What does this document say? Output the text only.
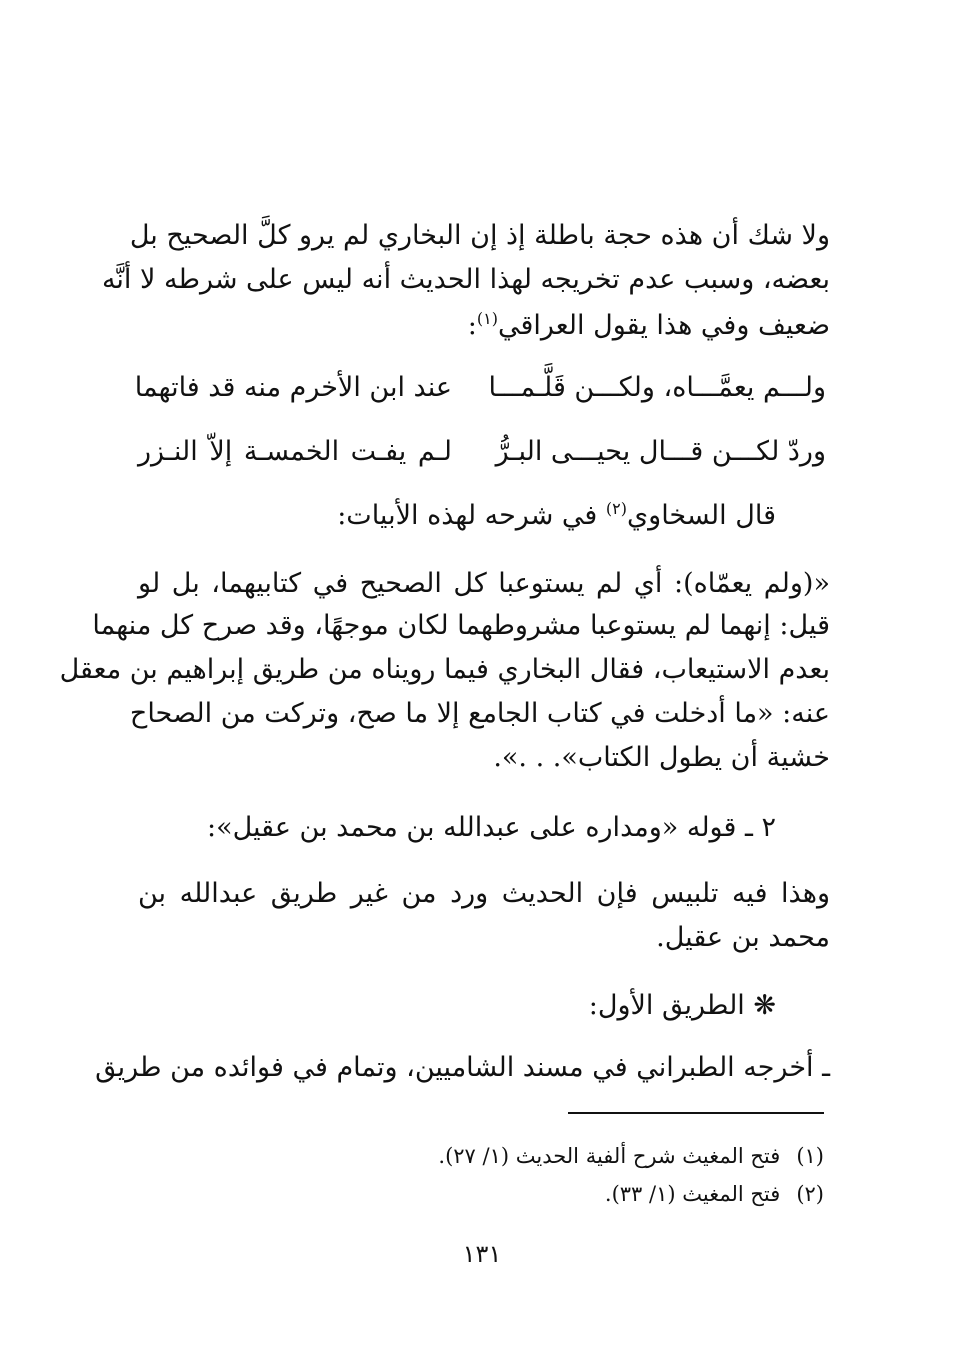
ولا شك أن هذه حجة باطلة إذ إن البخاري لم يرو كلَّ الصحيح بل
بعضه، وسبب عدم تخريجه لهذا الحديث أنه ليس على شرطه لا أنَّه
ضعيف وفي هذا يقول العراقي$^{(١)}$:
ولـــم يعمَّـــاه، ولكـــن قَلَّـمـــا
عند ابن الأخرم منه قد فاتهما
وردّ لكـــن قـــال يحيـــى البـرُّ
لـم يفـت الخمسـة إلاّ النـزر
قال السخاوي$^{(٢)}$ في شرحه لهذه الأبيات:
«(ولم يعمّاه): أي لم يستوعبا كل الصحيح في كتابيهما، بل لو
قيل: إنهما لم يستوعبا مشروطهما لكان موجهًا، وقد صرح كل منهما
بعدم الاستيعاب، فقال البخاري فيما رويناه من طريق إبراهيم بن معقل
عنه: «ما أدخلت في كتاب الجامع إلا ما صح، وتركت من الصحاح
خشية أن يطول الكتاب». . .».
٢ ـ قوله «ومداره على عبدالله بن محمد بن عقيل»:
وهذا فيه تلبيس فإن الحديث ورد من غير طريق عبدالله بن
محمد بن عقيل.
❋ الطريق الأول:
ـ أخرجه الطبراني في مسند الشاميين، وتمام في فوائده من طريق
(١)فتح المغيث شرح ألفية الحديث (١/ ٢٧).
(٢)فتح المغيث (١/ ٣٣).
١٣١
